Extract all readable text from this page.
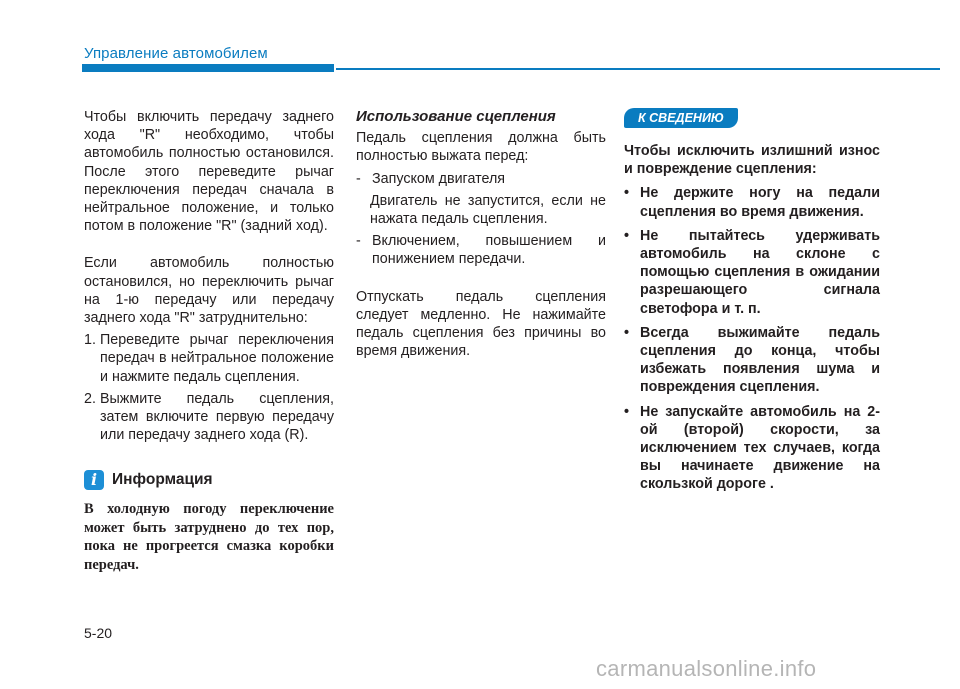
Управление автомобилем

Чтобы включить передачу заднего хода "R" необходимо, чтобы автомобиль полностью остановился. После этого переведите рычаг переключения передач сначала в нейтральное положение, и только потом в положение "R" (задний ход).

Если автомобиль полностью остановился, но переключить рычаг на 1-ю передачу или передачу заднего хода "R" затруднительно:

1. Переведите рычаг переключения передач в нейтральное положение и нажмите педаль сцепления.
2. Выжмите педаль сцепления, затем включите первую передачу или передачу заднего хода (R).
i Информация
В холодную погоду переключение может быть затруднено до тех пор, пока не прогреется смазка коробки передач.
Использование сцепления

Педаль сцепления должна быть полностью выжата перед:

- Запуском двигателя

Двигатель не запустится, если не нажата педаль сцепления.

- Включением, повышением и понижением передачи.

Отпускать педаль сцепления следует медленно. Не нажимайте педаль сцепления без причины во время движения.

К СВЕДЕНИЮ

Чтобы исключить излишний износ и повреждение сцепления:

• Не держите ногу на педали сцепления во время движения.
• Не пытайтесь удерживать автомобиль на склоне с помощью сцепления в ожидании разрешающего сигнала светофора и т. п.
• Всегда выжимайте педаль сцепления до конца, чтобы избежать появления шума и повреждения сцепления.
• Не запускайте автомобиль на 2-ой (второй) скорости, за исключением тех случаев, когда вы начинаете движение на скользкой дороге .
5-20
carmanualsonline.info
